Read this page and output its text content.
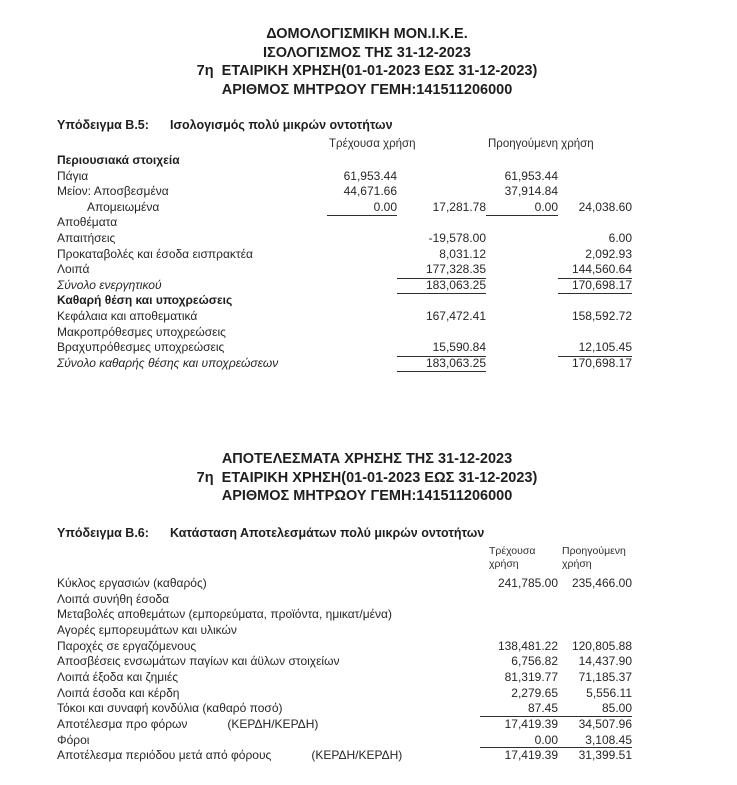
ΔΟΜΟΛΟΓΙΣΜΙΚΗ ΜΟΝ.Ι.Κ.Ε.
ΙΣΟΛΟΓΙΣΜΟΣ ΤΗΣ 31-12-2023
7η  ΕΤΑΙΡΙΚΗ ΧΡΗΣΗ(01-01-2023 ΕΩΣ 31-12-2023)
ΑΡΙΘΜΟΣ ΜΗΤΡΩΟΥ ΓΕΜΗ:141511206000
Υπόδειγμα Β.5:	Ισολογισμός πολύ μικρών οντοτήτων
Τρέχουσα χρήση	Προηγούμενη χρήση
Περιουσιακά στοιχεία
Πάγια	61,953.44	61,953.44
Μείον: Αποσβεσμένα	44,671.66	37,914.84
Απομειωμένα	0.00	17,281.78	0.00	24,038.60
Αποθέματα
Απαιτήσεις	-19,578.00	6.00
Προκαταβολές και έσοδα εισπρακτέα	8,031.12	2,092.93
Λοιπά	177,328.35	144,560.64
Σύνολο ενεργητικού	183,063.25	170,698.17
Καθαρή θέση και υποχρεώσεις
Κεφάλαια και αποθεματικά	167,472.41	158,592.72
Μακροπρόθεσμες υποχρεώσεις
Βραχυπρόθεσμες υποχρεώσεις	15,590.84	12,105.45
Σύνολο καθαρής θέσης και υποχρεώσεων	183,063.25	170,698.17
ΑΠΟΤΕΛΕΣΜΑΤΑ ΧΡΗΣΗΣ ΤΗΣ 31-12-2023
7η  ΕΤΑΙΡΙΚΗ ΧΡΗΣΗ(01-01-2023 ΕΩΣ 31-12-2023)
ΑΡΙΘΜΟΣ ΜΗΤΡΩΟΥ ΓΕΜΗ:141511206000
Υπόδειγμα Β.6:	Κατάσταση Αποτελεσμάτων πολύ μικρών οντοτήτων
Τρέχουσα
χρήση
Προηγούμενη
χρήση
Κύκλος εργασιών (καθαρός)	241,785.00	235,466.00
Λοιπά συνήθη έσοδα
Μεταβολές αποθεμάτων (εμπορεύματα, προϊόντα, ημικατ/μένα)
Αγορές εμπορευμάτων και υλικών
Παροχές σε εργαζόμενους	138,481.22	120,805.88
Αποσβέσεις ενσωμάτων παγίων και άϋλων στοιχείων	6,756.82	14,437.90
Λοιπά έξοδα και ζημιές	81,319.77	71,185.37
Λοιπά έσοδα και κέρδη	2,279.65	5,556.11
Τόκοι και συναφή κονδύλια (καθαρό ποσό)	87.45	85.00
Αποτέλεσμα προ φόρων	(ΚΕΡΔΗ/ΚΕΡΔΗ)	17,419.39	34,507.96
Φόροι	0.00	3,108.45
Αποτέλεσμα περιόδου μετά από φόρους	(ΚΕΡΔΗ/ΚΕΡΔΗ)	17,419.39	31,399.51
